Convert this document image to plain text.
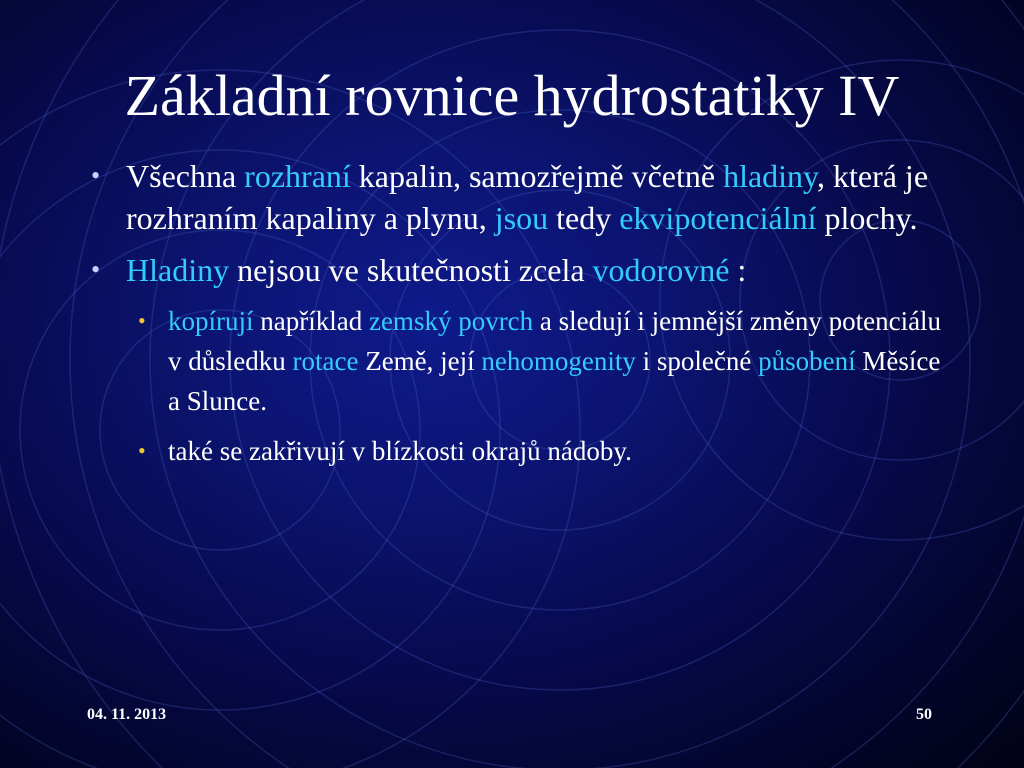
Základní rovnice hydrostatiky IV
• Všechna rozhraní kapalin, samozřejmě včetně hladiny, která je rozhraním kapaliny a plynu, jsou tedy ekvipotenciální plochy.
• Hladiny nejsou ve skutečnosti zcela vodorovné :
• kopírují například zemský povrch a sledují i jemnější změny potenciálu v důsledku rotace Země, její nehomogenity i společné působení Měsíce a Slunce.
• také se zakřivují v blízkosti okrajů nádoby.
04. 11. 2013	50
